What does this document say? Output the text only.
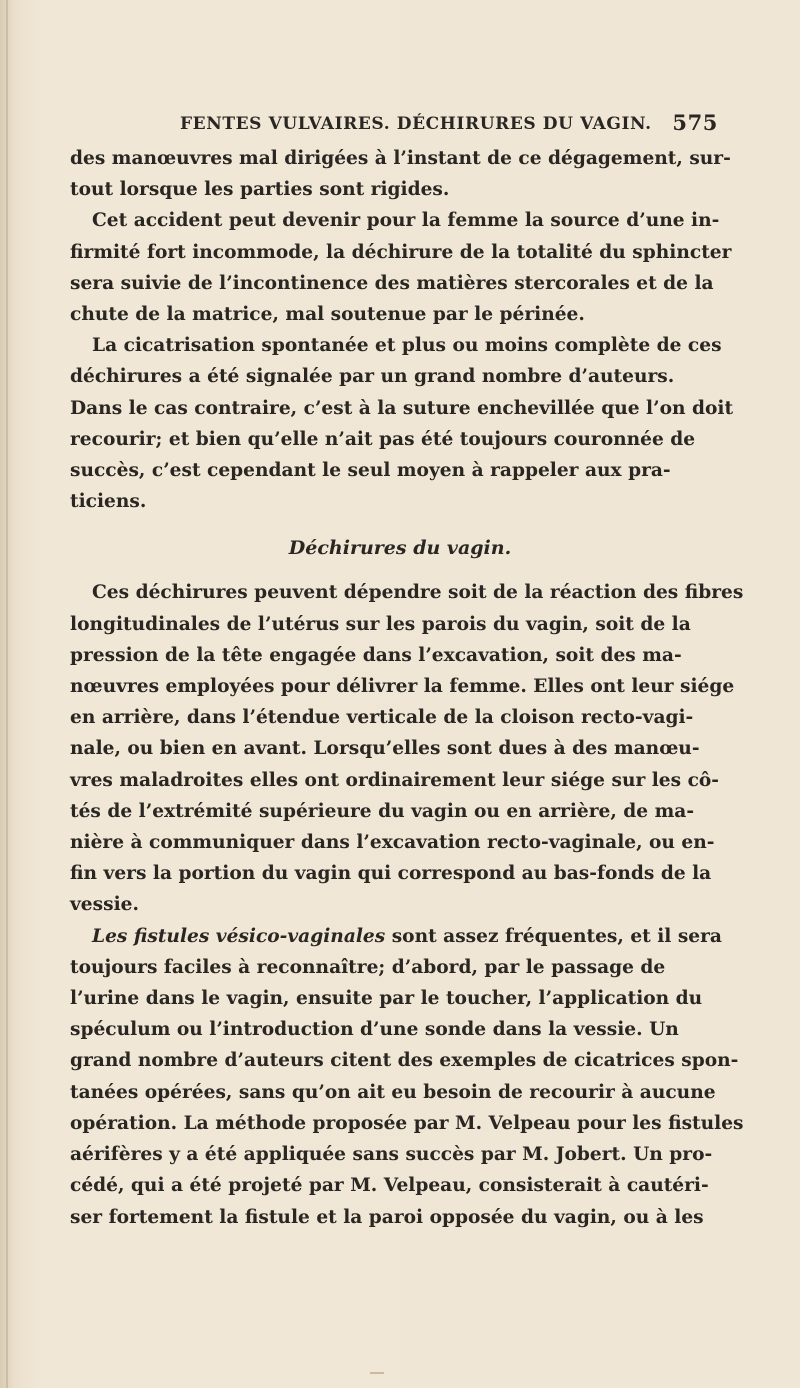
FENTES VULVAIRES. DÉCHIRURES DU VAGIN. 575

des manœuvres mal dirigées à l’instant de ce dégagement, sur-
tout lorsque les parties sont rigides.

Cet accident peut devenir pour la femme la source d’une in-
firmité fort incommode, la déchirure de la totalité du sphincter
sera suivie de l’incontinence des matières stercorales et de la
chute de la matrice, mal soutenue par le périnée.

La cicatrisation spontanée et plus ou moins complète de ces
déchirures a été signalée par un grand nombre d’auteurs.
Dans le cas contraire, c’est à la suture enchevillée que l’on doit
recourir; et bien qu’elle n’ait pas été toujours couronnée de
succès, c’est cependant le seul moyen à rappeler aux pra-
ticiens.

Déchirures du vagin.

Ces déchirures peuvent dépendre soit de la réaction des fibres
longitudinales de l’utérus sur les parois du vagin, soit de la
pression de la tête engagée dans l’excavation, soit des ma-
nœuvres employées pour délivrer la femme. Elles ont leur siége
en arrière, dans l’étendue verticale de la cloison recto-vagi-
nale, ou bien en avant. Lorsqu’elles sont dues à des manœu-
vres maladroites elles ont ordinairement leur siége sur les cô-
tés de l’extrémité supérieure du vagin ou en arrière, de ma-
nière à communiquer dans l’excavation recto-vaginale, ou en-
fin vers la portion du vagin qui correspond au bas-fonds de la
vessie.

Les fistules vésico-vaginales sont assez fréquentes, et il sera
toujours faciles à reconnaître; d’abord, par le passage de
l’urine dans le vagin, ensuite par le toucher, l’application du
spéculum ou l’introduction d’une sonde dans la vessie. Un
grand nombre d’auteurs citent des exemples de cicatrices spon-
tanées opérées, sans qu’on ait eu besoin de recourir à aucune
opération. La méthode proposée par M. Velpeau pour les fistules
aérifères y a été appliquée sans succès par M. Jobert. Un pro-
cédé, qui a été projeté par M. Velpeau, consisterait à cautéri-
ser fortement la fistule et la paroi opposée du vagin, ou à les
